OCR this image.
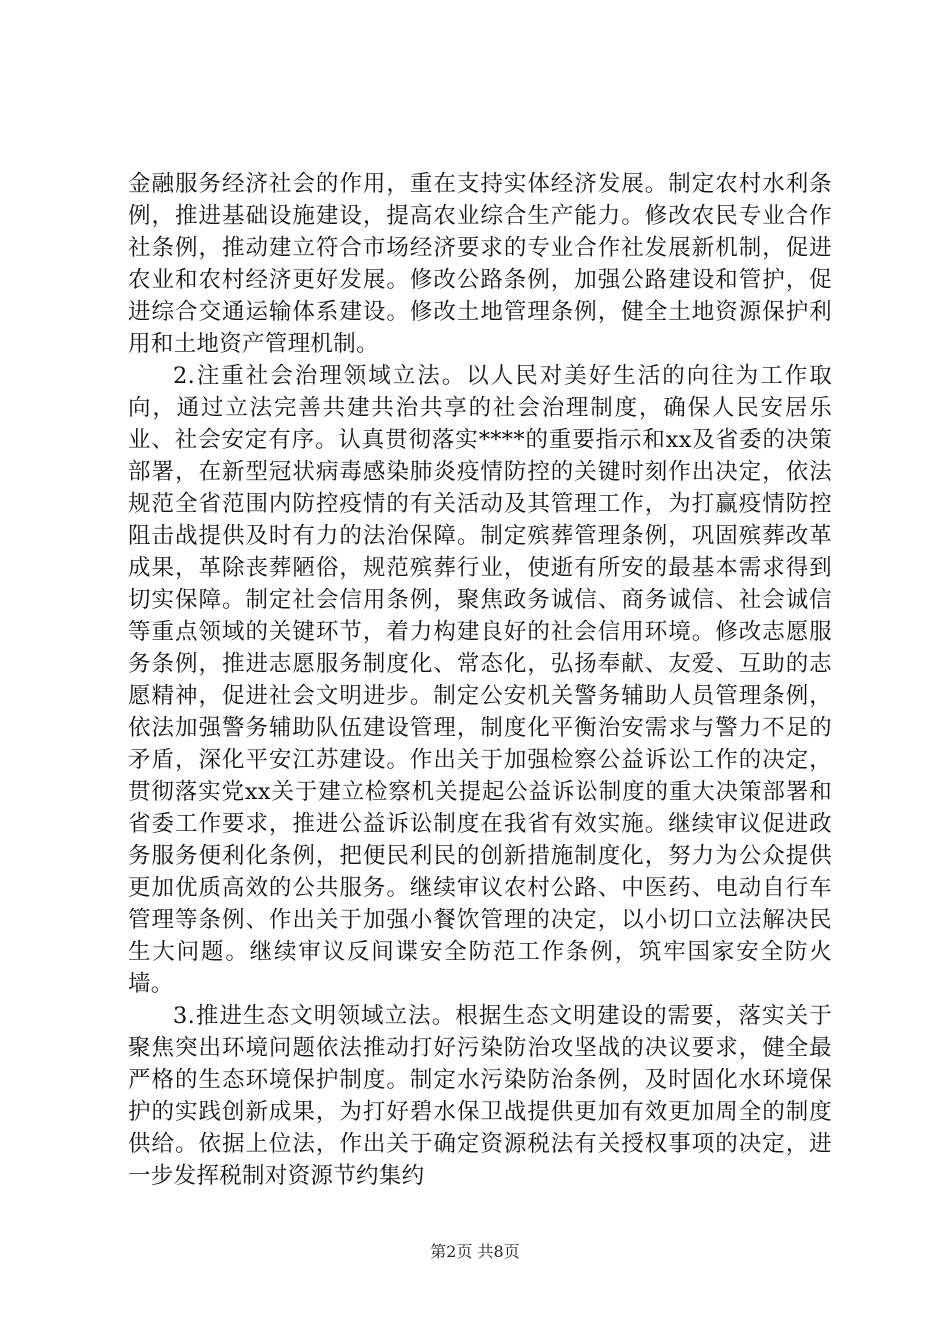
金融服务经济社会的作用，重在支持实体经济发展。制定农村水利条例，推进基础设施建设，提高农业综合生产能力。修改农民专业合作社条例，推动建立符合市场经济要求的专业合作社发展新机制，促进农业和农村经济更好发展。修改公路条例，加强公路建设和管护，促进综合交通运输体系建设。修改土地管理条例，健全土地资源保护利用和土地资产管理机制。

2.注重社会治理领域立法。以人民对美好生活的向往为工作取向，通过立法完善共建共治共享的社会治理制度，确保人民安居乐业、社会安定有序。认真贯彻落实****的重要指示和xx及省委的决策部署，在新型冠状病毒感染肺炎疫情防控的关键时刻作出决定，依法规范全省范围内防控疫情的有关活动及其管理工作，为打赢疫情防控阻击战提供及时有力的法治保障。制定殡葬管理条例，巩固殡葬改革成果，革除丧葬陋俗，规范殡葬行业，使逝有所安的最基本需求得到切实保障。制定社会信用条例，聚焦政务诚信、商务诚信、社会诚信等重点领域的关键环节，着力构建良好的社会信用环境。修改志愿服务条例，推进志愿服务制度化、常态化，弘扬奉献、友爱、互助的志愿精神，促进社会文明进步。制定公安机关警务辅助人员管理条例，依法加强警务辅助队伍建设管理，制度化平衡治安需求与警力不足的矛盾，深化平安江苏建设。作出关于加强检察公益诉讼工作的决定，贯彻落实党xx关于建立检察机关提起公益诉讼制度的重大决策部署和省委工作要求，推进公益诉讼制度在我省有效实施。继续审议促进政务服务便利化条例，把便民利民的创新措施制度化，努力为公众提供更加优质高效的公共服务。继续审议农村公路、中医药、电动自行车管理等条例、作出关于加强小餐饮管理的决定，以小切口立法解决民生大问题。继续审议反间谍安全防范工作条例，筑牢国家安全防火墙。

3.推进生态文明领域立法。根据生态文明建设的需要，落实关于聚焦突出环境问题依法推动打好污染防治攻坚战的决议要求，健全最严格的生态环境保护制度。制定水污染防治条例，及时固化水环境保护的实践创新成果，为打好碧水保卫战提供更加有效更加周全的制度供给。依据上位法，作出关于确定资源税法有关授权事项的决定，进一步发挥税制对资源节约集约

第2页 共8页
